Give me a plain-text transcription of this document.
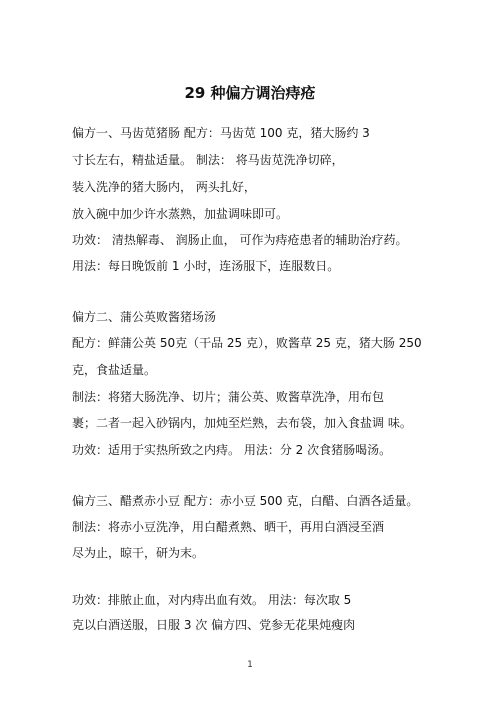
29 种偏方调治痔疮
偏方一、马齿苋猪肠 配方：马齿苋 100 克，猪大肠约 3
寸长左右，精盐适量。 制法： 将马齿苋洗净切碎，
装入洗净的猪大肠内， 两头扎好，
放入碗中加少许水蒸熟，加盐调味即可。
功效： 清热解毒、 润肠止血， 可作为痔疮患者的辅助治疗药。
用法：每日晚饭前 1 小时，连汤服下，连服数日。
偏方二、蒲公英败酱猪场汤
配方：鲜蒲公英 50克（干品 25 克），败酱草 25 克，猪大肠 250
克，食盐适量。
制法：将猪大肠洗净、切片；蒲公英、败酱草洗净，用布包
裹；二者一起入砂锅内，加炖至烂熟，去布袋，加入食盐调 味。
功效：适用于实热所致之内痔。 用法：分 2 次食猪肠喝汤。
偏方三、醋煮赤小豆 配方：赤小豆 500 克，白醋、白酒各适量。
制法：将赤小豆洗净，用白醋煮熟、晒干，再用白酒浸至酒
尽为止，晾干，研为末。
功效：排脓止血，对内痔出血有效。 用法：每次取 5
克以白酒送服，日服 3 次 偏方四、党参无花果炖瘦肉
1
